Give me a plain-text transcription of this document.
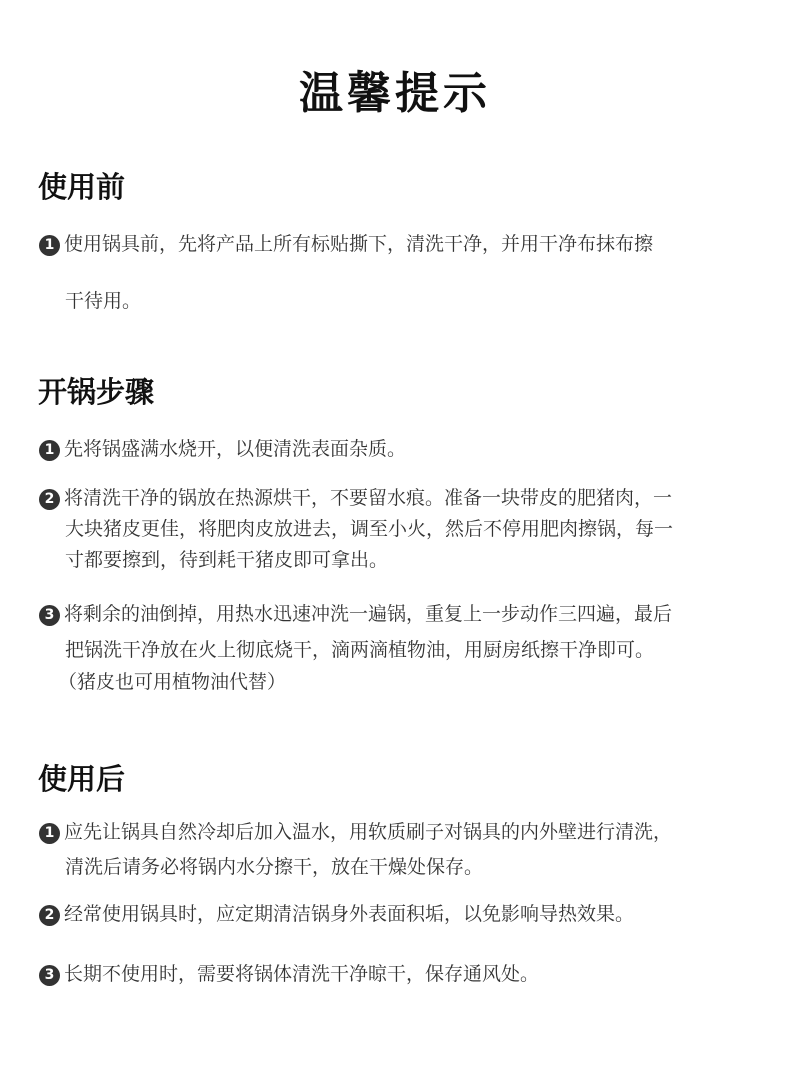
温馨提示
使用前
1 使用锅具前，先将产品上所有标贴撕下，清洗干净，并用干净布抹布擦
干待用。
开锅步骤
1 先将锅盛满水烧开，以便清洗表面杂质。
2 将清洗干净的锅放在热源烘干，不要留水痕。准备一块带皮的肥猪肉，一
大块猪皮更佳，将肥肉皮放进去，调至小火，然后不停用肥肉擦锅，每一
寸都要擦到，待到耗干猪皮即可拿出。
3 将剩余的油倒掉，用热水迅速冲洗一遍锅，重复上一步动作三四遍，最后
把锅洗干净放在火上彻底烧干，滴两滴植物油，用厨房纸擦干净即可。
（猪皮也可用植物油代替）
使用后
1 应先让锅具自然冷却后加入温水，用软质刷子对锅具的内外壁进行清洗，
清洗后请务必将锅内水分擦干，放在干燥处保存。
2 经常使用锅具时，应定期清洁锅身外表面积垢，以免影响导热效果。
3 长期不使用时，需要将锅体清洗干净晾干，保存通风处。
